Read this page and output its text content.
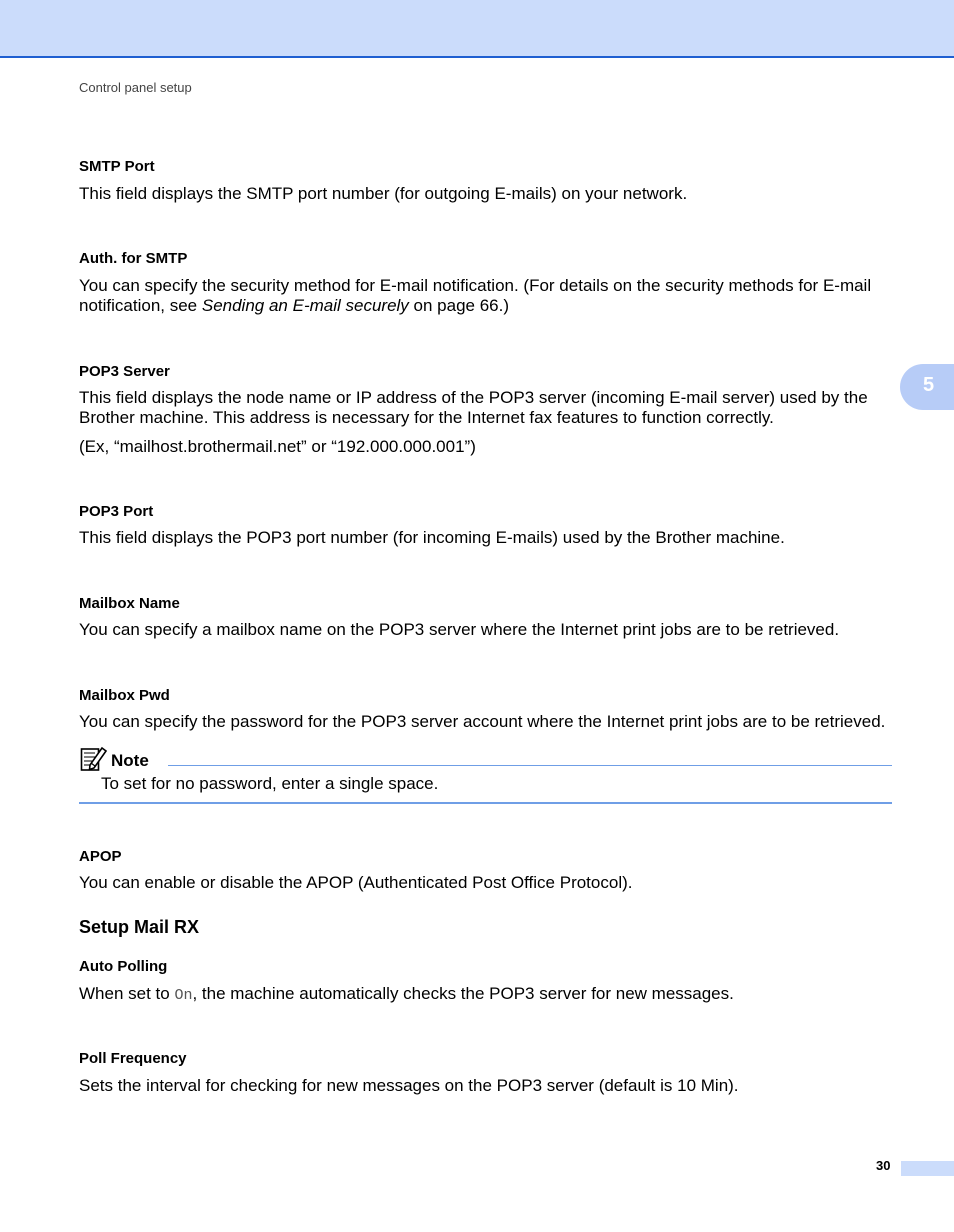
Control panel setup
5
SMTP Port
This field displays the SMTP port number (for outgoing E-mails) on your network.
Auth. for SMTP
You can specify the security method for E-mail notification. (For details on the security methods for E-mail
notification, see Sending an E-mail securely on page 66.)
POP3 Server
This field displays the node name or IP address of the POP3 server (incoming E-mail server) used by the
Brother machine. This address is necessary for the Internet fax features to function correctly.
(Ex, “mailhost.brothermail.net” or “192.000.000.001”)
POP3 Port
This field displays the POP3 port number (for incoming E-mails) used by the Brother machine.
Mailbox Name
You can specify a mailbox name on the POP3 server where the Internet print jobs are to be retrieved.
Mailbox Pwd
You can specify the password for the POP3 server account where the Internet print jobs are to be retrieved.
Note
To set for no password, enter a single space.
APOP
You can enable or disable the APOP (Authenticated Post Office Protocol).
Setup Mail RX
Auto Polling
When set to On, the machine automatically checks the POP3 server for new messages.
Poll Frequency
Sets the interval for checking for new messages on the POP3 server (default is 10 Min).
30
